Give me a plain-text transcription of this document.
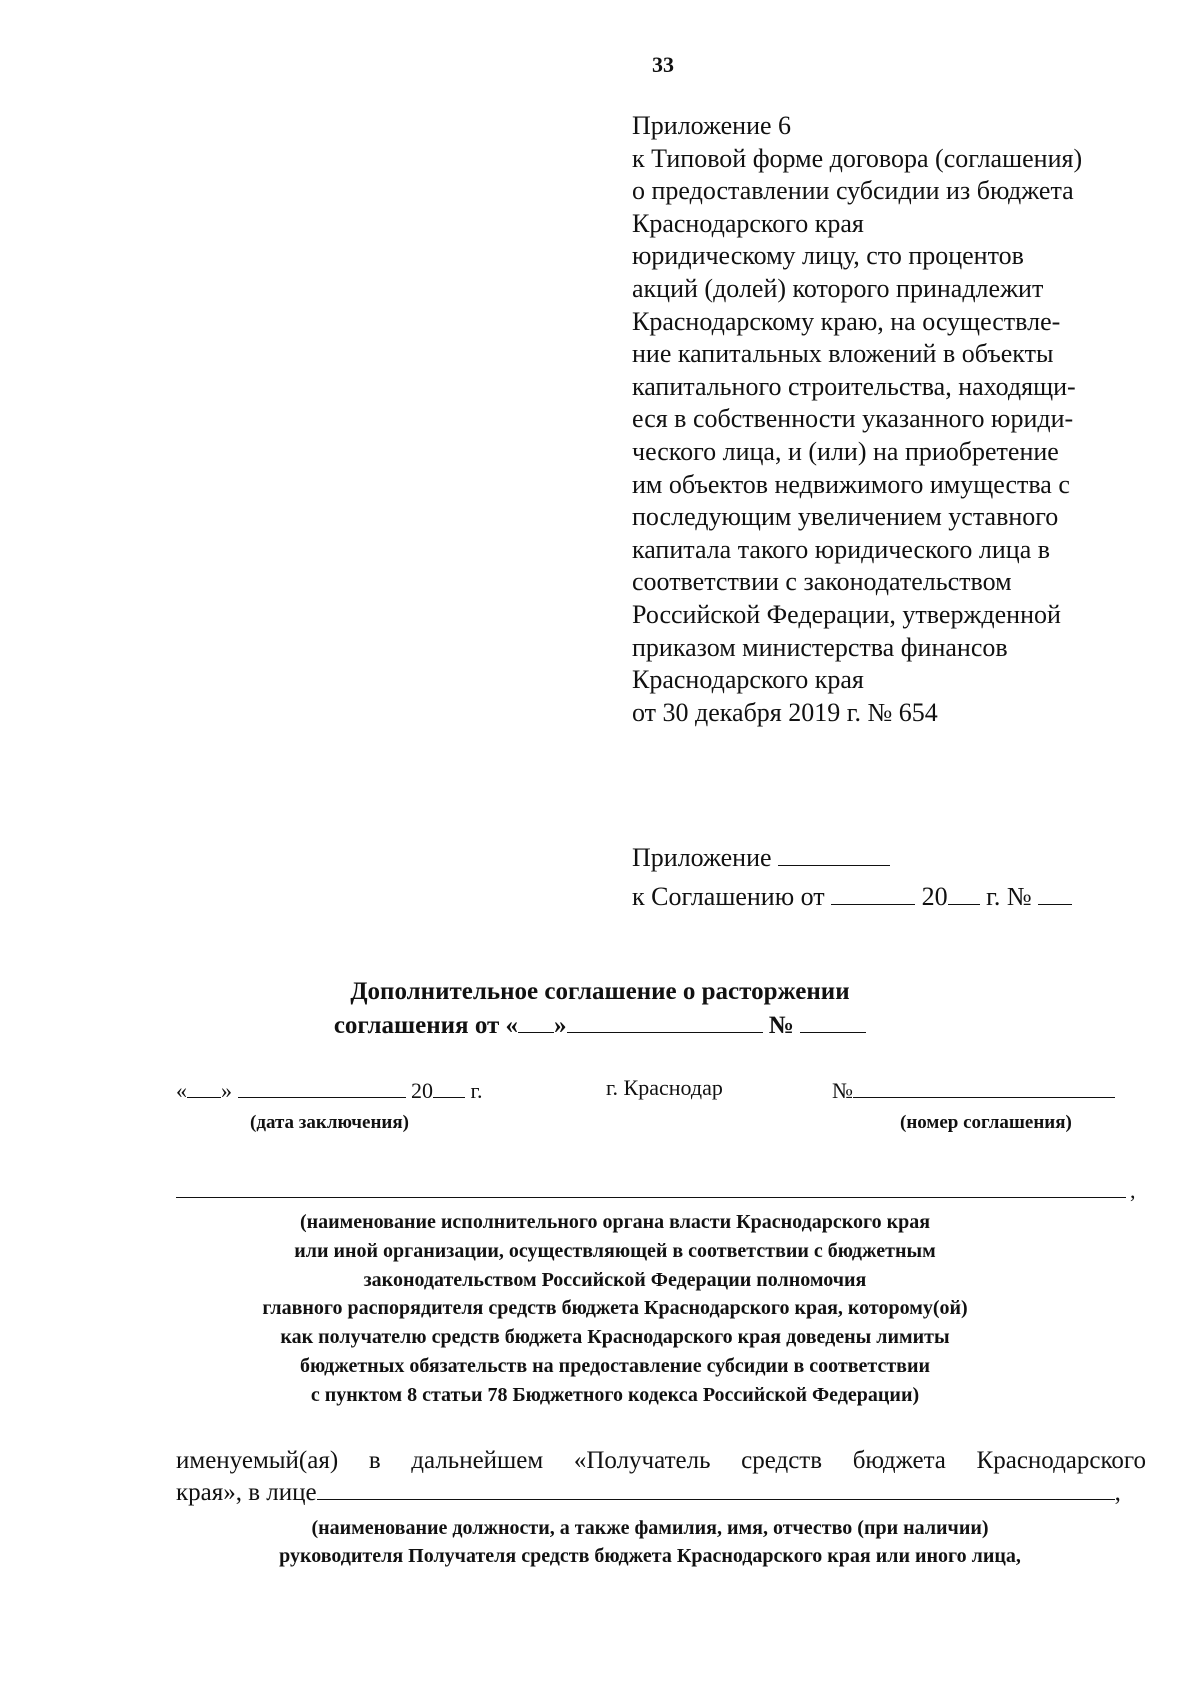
33
Приложение 6
к Типовой форме договора (соглашения)
о предоставлении субсидии из бюджета
Краснодарского края
юридическому лицу, сто процентов
акций (долей) которого принадлежит
Краснодарскому краю, на осуществле-
ние капитальных вложений в объекты
капитального строительства, находящи-
еся в собственности указанного юриди-
ческого лица, и (или) на приобретение
им объектов недвижимого имущества с
последующим увеличением уставного
капитала такого юридического лица в
соответствии с законодательством
Российской Федерации, утвержденной
приказом министерства финансов
Краснодарского края
от 30 декабря 2019 г. № 654
Приложение
к Соглашению от	20 г. №
Дополнительное соглашение о расторжении
соглашения от « »	№
« »	20 г.	г. Краснодар	№
(дата заключения)	(номер соглашения)
,
(наименование исполнительного органа власти Краснодарского края
или иной организации, осуществляющей в соответствии с бюджетным
законодательством Российской Федерации полномочия
главного распорядителя средств бюджета Краснодарского края, которому(ой)
как получателю средств бюджета Краснодарского края доведены лимиты
бюджетных обязательств на предоставление субсидии в соответствии
с пунктом 8 статьи 78 Бюджетного кодекса Российской Федерации)
именуемый(ая) в дальнейшем «Получатель средств бюджета Краснодарского
края», в лице	,
(наименование должности, а также фамилия, имя, отчество (при наличии)
руководителя Получателя средств бюджета Краснодарского края или иного лица,
